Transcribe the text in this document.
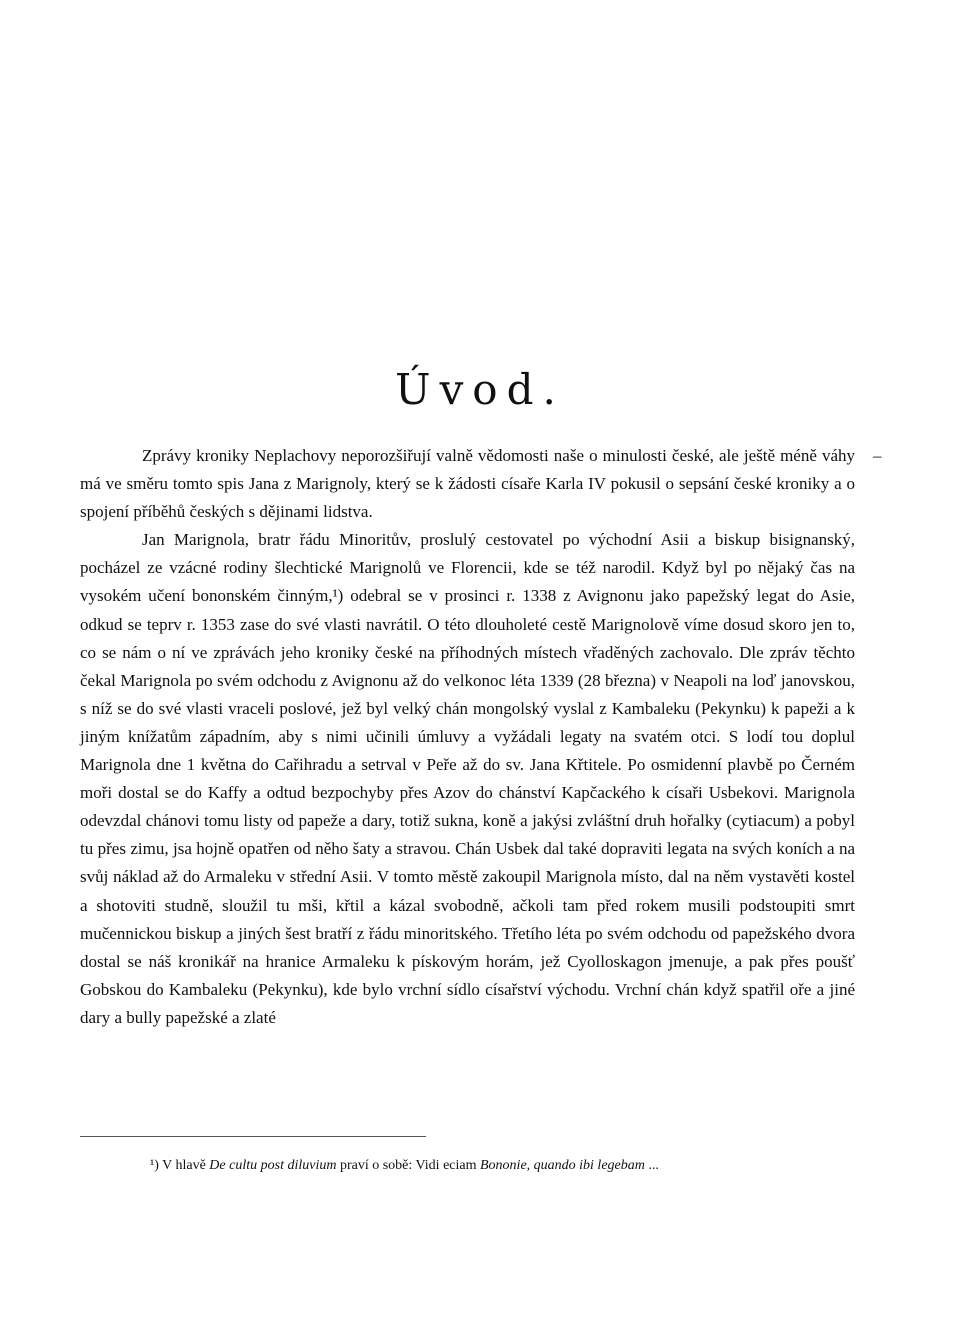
Úvod.
–

Zprávy kroniky Neplachovy neporozšiřují valně vědomosti naše o minulosti české, ale ještě méně váhy má ve směru tomto spis Jana z Marignoly, který se k žádosti císaře Karla IV pokusil o sepsání české kroniky a o spojení příběhů českých s dějinami lidstva.

Jan Marignola, bratr řádu Minoritův, proslulý cestovatel po východní Asii a biskup bisignanský, pocházel ze vzácné rodiny šlechtické Marignolů ve Florencii, kde se též narodil. Když byl po nějaký čas na vysokém učení bononském činným,¹) odebral se v prosinci r. 1338 z Avignonu jako papežský legat do Asie, odkud se teprv r. 1353 zase do své vlasti navrátil. O této dlouholeté cestě Marignolově víme dosud skoro jen to, co se nám o ní ve zprávách jeho kroniky české na příhodných místech vřaděných zachovalo. Dle zpráv těchto čekal Marignola po svém odchodu z Avignonu až do velkonoc léta 1339 (28 března) v Neapoli na loď janovskou, s níž se do své vlasti vraceli poslové, jež byl velký chán mongolský vyslal z Kambaleku (Pekynku) k papeži a k jiným knížatům západním, aby s nimi učinili úmluvy a vyžádali legaty na svatém otci. S lodí tou doplul Marignola dne 1 května do Cařihradu a setrval v Peře až do sv. Jana Křtitele. Po osmidenní plavbě po Černém moři dostal se do Kaffy a odtud bezpochyby přes Azov do chánství Kapčackého k císaři Usbekovi. Marignola odevzdal chánovi tomu listy od papeže a dary, totiž sukna, koně a jakýsi zvláštní druh hořalky (cytiacum) a pobyl tu přes zimu, jsa hojně opatřen od něho šaty a stravou. Chán Usbek dal také dopraviti legata na svých koních a na svůj náklad až do Armaleku v střední Asii. V tomto městě zakoupil Marignola místo, dal na něm vystavěti kostel a shotoviti studně, sloužil tu mši, křtil a kázal svobodně, ačkoli tam před rokem musili podstoupiti smrt mučennickou biskup a jiných šest bratří z řádu minoritského. Třetího léta po svém odchodu od papežského dvora dostal se náš kronikář na hranice Armaleku k pískovým horám, jež Cyolloskagon jmenuje, a pak přes poušť Gobskou do Kambaleku (Pekynku), kde bylo vrchní sídlo císařství východu. Vrchní chán když spatřil oře a jiné dary a bully papežské a zlaté

¹) V hlavě De cultu post diluvium praví o sobě: Vidi eciam Bononie, quando ibi legebam ...
